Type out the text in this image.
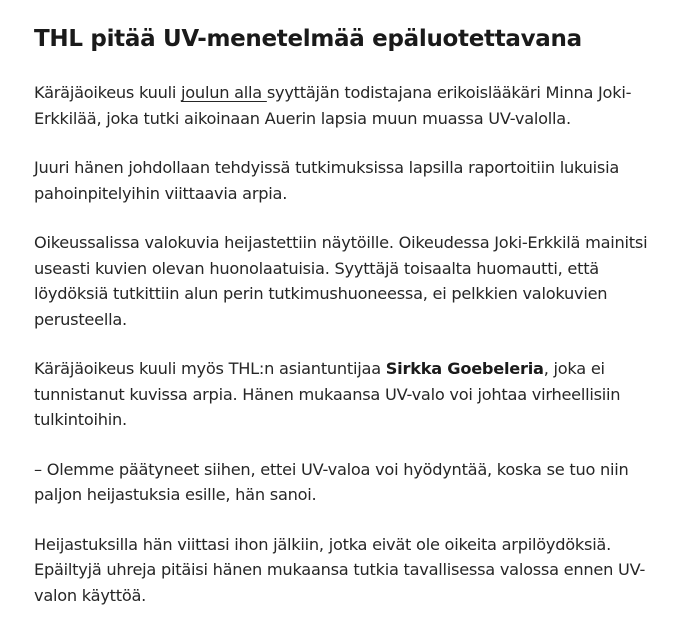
THL pitää UV-menetelmää epäluotettavana

Käräjäoikeus kuuli joulun alla syyttäjän todistajana erikoislääkäri Minna Joki-Erkkilää, joka tutki aikoinaan Auerin lapsia muun muassa UV-valolla.

Juuri hänen johdollaan tehdyissä tutkimuksissa lapsilla raportoitiin lukuisia pahoinpitelyihin viittaavia arpia.

Oikeussalissa valokuvia heijastettiin näytöille. Oikeudessa Joki-Erkkilä mainitsi useasti kuvien olevan huonolaatuisia. Syyttäjä toisaalta huomautti, että löydöksiä tutkittiin alun perin tutkimushuoneessa, ei pelkkien valokuvien perusteella.

Käräjäoikeus kuuli myös THL:n asiantuntijaa Sirkka Goebeleria, joka ei tunnistanut kuvissa arpia. Hänen mukaansa UV-valo voi johtaa virheellisiin tulkintoihin.

– Olemme päätyneet siihen, ettei UV-valoa voi hyödyntää, koska se tuo niin paljon heijastuksia esille, hän sanoi.

Heijastuksilla hän viittasi ihon jälkiin, jotka eivät ole oikeita arpilöydöksiä. Epäiltyjä uhreja pitäisi hänen mukaansa tutkia tavallisessa valossa ennen UV-valon käyttöä.
